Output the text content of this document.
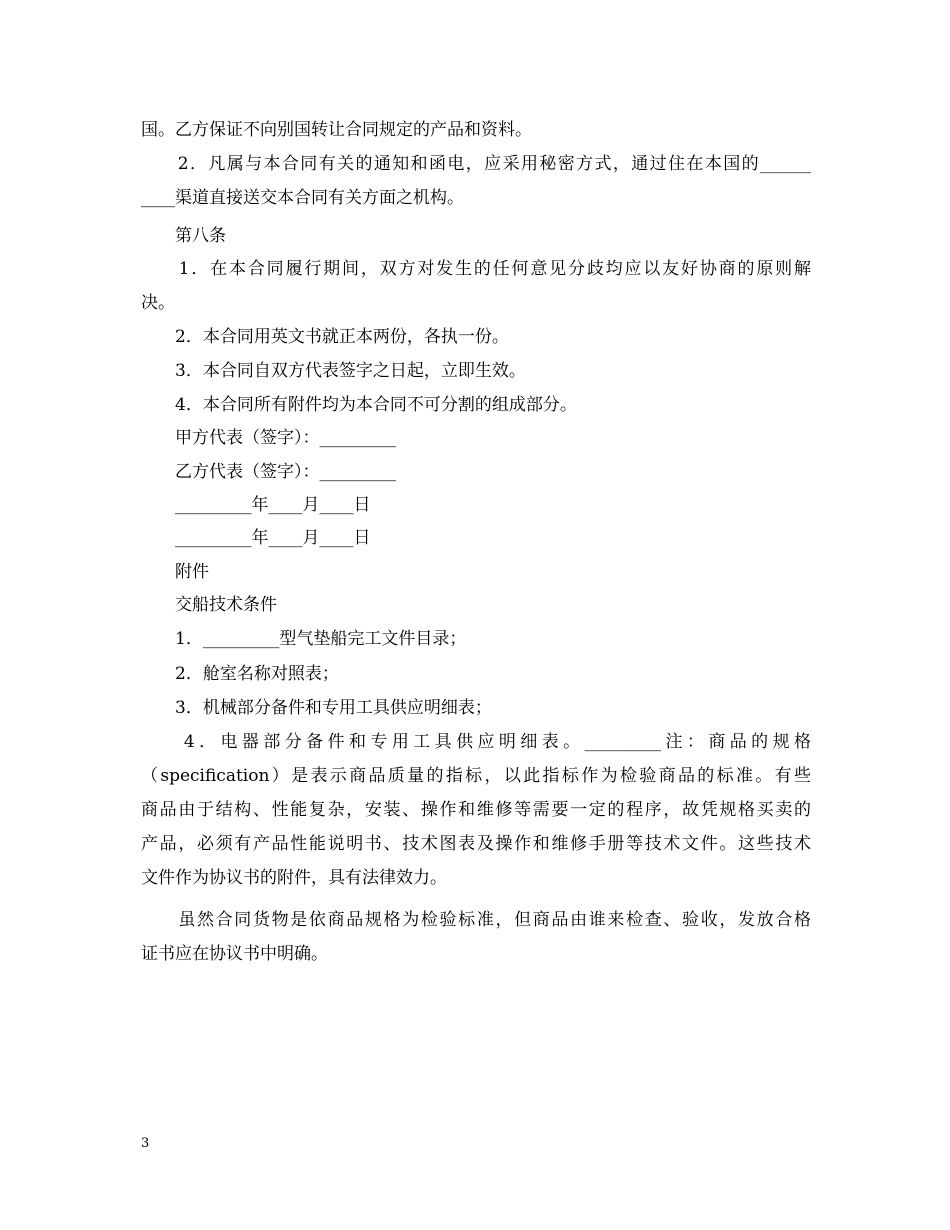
国。乙方保证不向别国转让合同规定的产品和资料。
　　2．凡属与本合同有关的通知和函电，应采用秘密方式，通过住在本国的______
____渠道直接送交本合同有关方面之机构。
　　第八条
　　1．在本合同履行期间，双方对发生的任何意见分歧均应以友好协商的原则解
决。
　　2．本合同用英文书就正本两份，各执一份。
　　3．本合同自双方代表签字之日起，立即生效。
　　4．本合同所有附件均为本合同不可分割的组成部分。
　　甲方代表（签字）：_________
　　乙方代表（签字）：_________
　　_________年____月____日
　　_________年____月____日
　　附件
　　交船技术条件
　　1．_________型气垫船完工文件目录；
　　2．舱室名称对照表；
　　3．机械部分备件和专用工具供应明细表；
　　4．电器部分备件和专用工具供应明细表。_________注：商品的规格
（specification）是表示商品质量的指标，以此指标作为检验商品的标准。有些
商品由于结构、性能复杂，安装、操作和维修等需要一定的程序，故凭规格买卖的
产品，必须有产品性能说明书、技术图表及操作和维修手册等技术文件。这些技术
文件作为协议书的附件，具有法律效力。
　　虽然合同货物是依商品规格为检验标准，但商品由谁来检查、验收，发放合格
证书应在协议书中明确。
3
